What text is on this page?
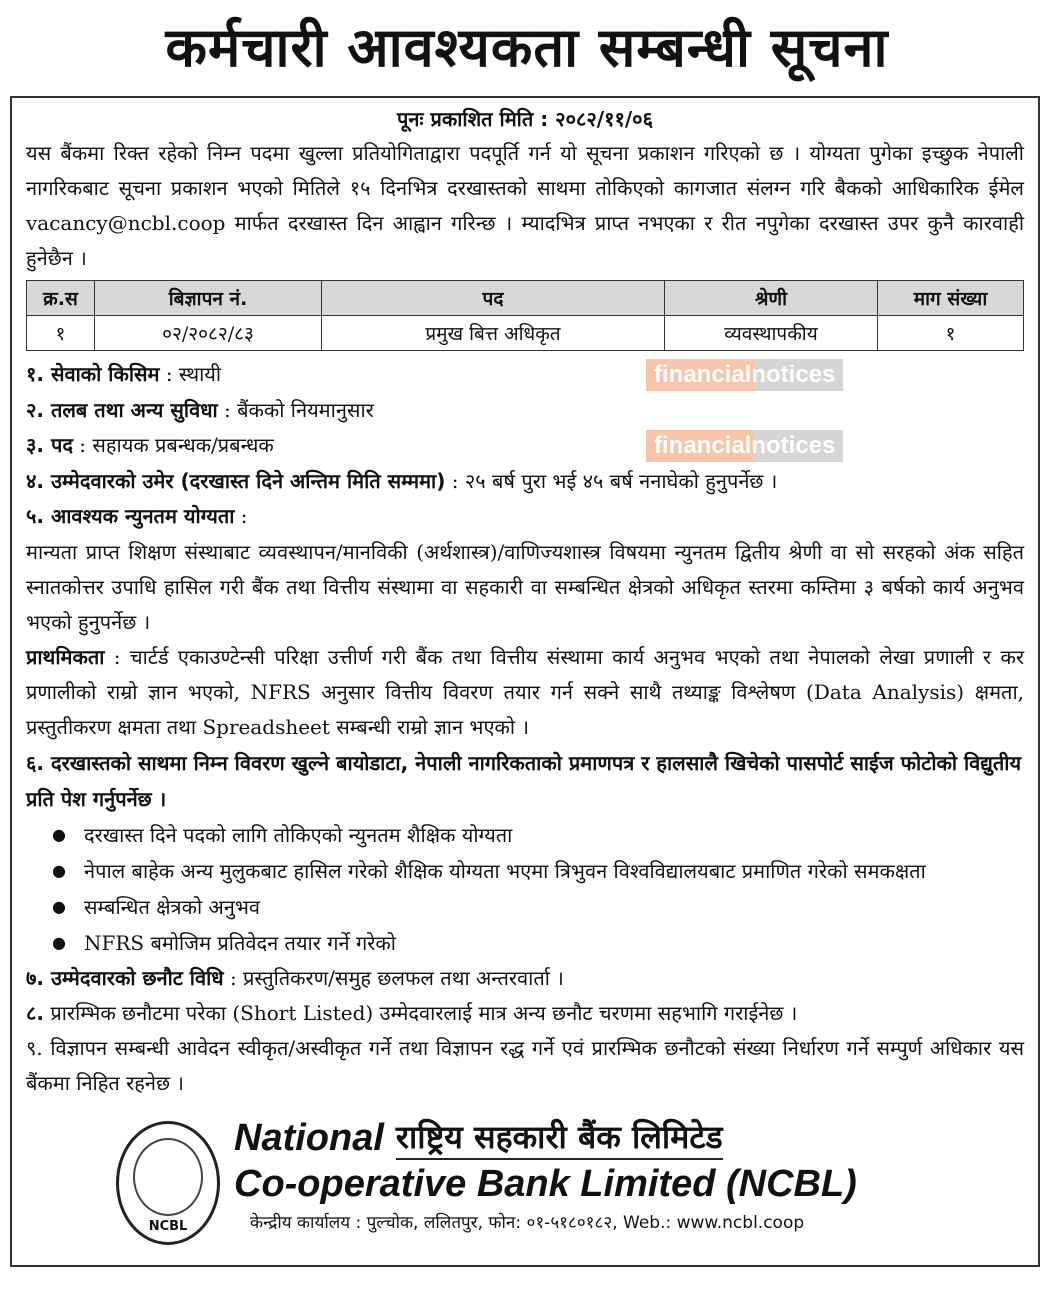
कर्मचारी आवश्यकता सम्बन्धी सूचना
पूनः प्रकाशित मिति : २०८२/११/०६
यस बैंकमा रिक्त रहेको निम्न पदमा खुल्ला प्रतियोगिताद्वारा पदपूर्ति गर्न यो सूचना प्रकाशन गरिएको छ । योग्यता पुगेका इच्छुक नेपाली नागरिकबाट सूचना प्रकाशन भएको मितिले १५ दिनभित्र दरखास्तको साथमा तोकिएको कागजात संलग्न गरि बैकको आधिकारिक ईमेल vacancy@ncbl.coop मार्फत दरखास्त दिन आह्वान गरिन्छ । म्यादभित्र प्राप्त नभएका र रीत नपुगेका दरखास्त उपर कुनै कारवाही हुनेछैन ।
क्र.स	बिज्ञापन नं.	पद	श्रेणी	माग संख्या
१	०२/२०८२/८३	प्रमुख बित्त अधिकृत	व्यवस्थापकीय	१
१. सेवाको किसिम : स्थायी	financialnotices
२. तलब तथा अन्य सुविधा : बैंकको नियमानुसार
३. पद : सहायक प्रबन्धक/प्रबन्धक	financialnotices
४. उम्मेदवारको उमेर (दरखास्त दिने अन्तिम मिति सम्ममा) : २५ बर्ष पुरा भई ४५ बर्ष ननाघेको हुनुपर्नेछ ।
५. आवश्यक न्युनतम योग्यता :
मान्यता प्राप्त शिक्षण संस्थाबाट व्यवस्थापन/मानविकी (अर्थशास्त्र)/वाणिज्यशास्त्र विषयमा न्युनतम द्वितीय श्रेणी वा सो सरहको अंक सहित स्नातकोत्तर उपाधि हासिल गरी बैंक तथा वित्तीय संस्थामा वा सहकारी वा सम्बन्धित क्षेत्रको अधिकृत स्तरमा कम्तिमा ३ बर्षको कार्य अनुभव भएको हुनुपर्नेछ ।
प्राथमिकता : चार्टर्ड एकाउण्टेन्सी परिक्षा उत्तीर्ण गरी बैंक तथा वित्तीय संस्थामा कार्य अनुभव भएको तथा नेपालको लेखा प्रणाली र कर प्रणालीको राम्रो ज्ञान भएको, NFRS अनुसार वित्तीय विवरण तयार गर्न सक्ने साथै तथ्याङ्क विश्लेषण (Data Analysis) क्षमता, प्रस्तुतीकरण क्षमता तथा Spreadsheet सम्बन्धी राम्रो ज्ञान भएको ।
६. दरखास्तको साथमा निम्न विवरण खुल्ने बायोडाटा, नेपाली नागरिकताको प्रमाणपत्र र हालसालै खिचेको पासपोर्ट साईज फोटोको विद्युतीय प्रति पेश गर्नुपर्नेछ ।
● दरखास्त दिने पदको लागि तोकिएको न्युनतम शैक्षिक योग्यता
● नेपाल बाहेक अन्य मुलुकबाट हासिल गरेको शैक्षिक योग्यता भएमा त्रिभुवन विश्वविद्यालयबाट प्रमाणित गरेको समकक्षता
● सम्बन्धित क्षेत्रको अनुभव
● NFRS बमोजिम प्रतिवेदन तयार गर्ने गरेको
७. उम्मेदवारको छनौट विधि : प्रस्तुतिकरण/समुह छलफल तथा अन्तरवार्ता ।
८. प्रारम्भिक छनौटमा परेका (Short Listed) उम्मेदवारलाई मात्र अन्य छनौट चरणमा सहभागि गराईनेछ ।
९. विज्ञापन सम्बन्धी आवेदन स्वीकृत/अस्वीकृत गर्ने तथा विज्ञापन रद्ध गर्ने एवं प्रारम्भिक छनौटको संख्या निर्धारण गर्ने सम्पुर्ण अधिकार यस बैंकमा निहित रहनेछ ।
NCBL
National राष्ट्रिय सहकारी बैंक लिमिटेड
Co-operative Bank Limited (NCBL)
केन्द्रीय कार्यालय : पुल्चोक, ललितपुर, फोन: ०१-५१८०१८२, Web.: www.ncbl.coop
